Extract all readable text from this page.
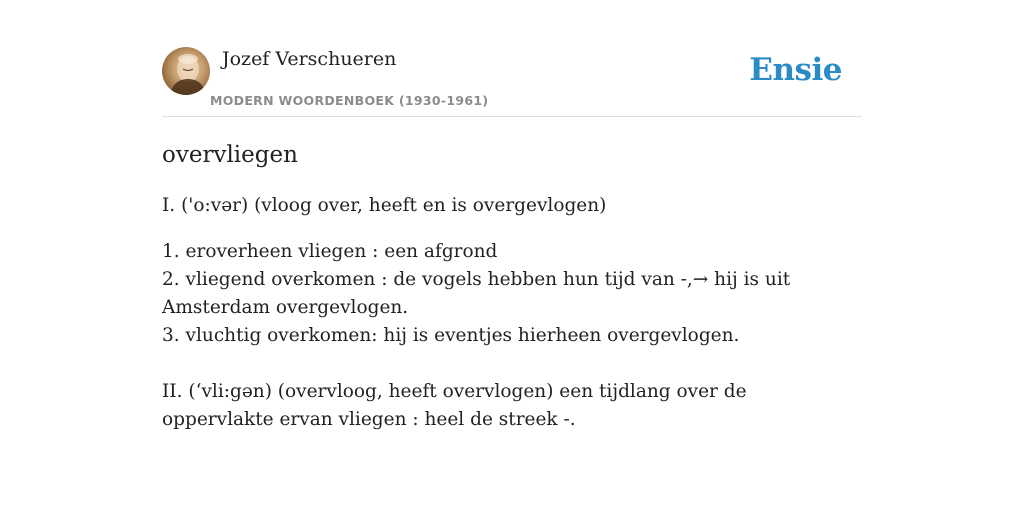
Jozef Verschueren
MODERN WOORDENBOEK (1930-1961)
Ensie
overvliegen

I. ('o:vər) (vloog over, heeft en is overgevlogen)

1. eroverheen vliegen : een afgrond
2. vliegend overkomen : de vogels hebben hun tijd van -,→ hij is uit Amsterdam overgevlogen.
3. vluchtig overkomen: hij is eventjes hierheen overgevlogen.
II. (ʻvli:gən) (overvloog, heeft overvlogen) een tijdlang over de oppervlakte ervan vliegen : heel de streek -.
